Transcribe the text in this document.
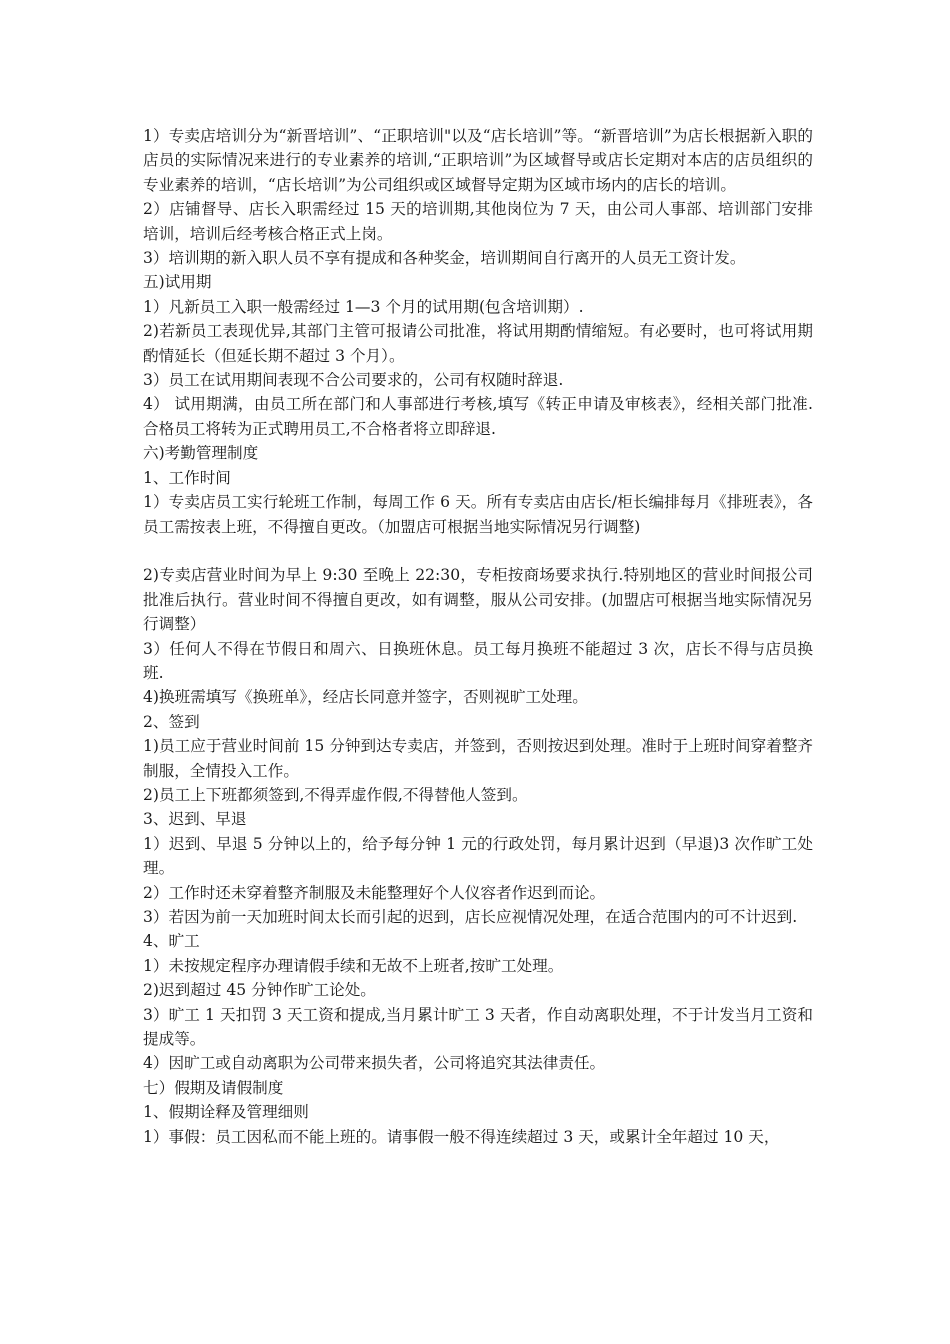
1）专卖店培训分为“新晋培训”、“正职培训"以及“店长培训”等。“新晋培训”为店长根据新入职的店员的实际情况来进行的专业素养的培训,“正职培训”为区域督导或店长定期对本店的店员组织的专业素养的培训，“店长培训”为公司组织或区域督导定期为区域市场内的店长的培训。

2）店铺督导、店长入职需经过 15 天的培训期,其他岗位为 7 天，由公司人事部、培训部门安排培训，培训后经考核合格正式上岗。

3）培训期的新入职人员不享有提成和各种奖金，培训期间自行离开的人员无工资计发。

五)试用期

1）凡新员工入职一般需经过 1—3 个月的试用期(包含培训期）.

2)若新员工表现优异,其部门主管可报请公司批准，将试用期酌情缩短。有必要时，也可将试用期酌情延长（但延长期不超过 3 个月）。

3）员工在试用期间表现不合公司要求的，公司有权随时辞退.

4） 试用期满，由员工所在部门和人事部进行考核,填写《转正申请及审核表》，经相关部门批准.合格员工将转为正式聘用员工,不合格者将立即辞退.

六)考勤管理制度

1、工作时间

1）专卖店员工实行轮班工作制，每周工作 6 天。所有专卖店由店长/柜长编排每月《排班表》，各员工需按表上班，不得擅自更改。（加盟店可根据当地实际情况另行调整)

2)专卖店营业时间为早上 9:30 至晚上 22:30，专柜按商场要求执行.特别地区的营业时间报公司批准后执行。营业时间不得擅自更改，如有调整，服从公司安排。(加盟店可根据当地实际情况另行调整）

3）任何人不得在节假日和周六、日换班休息。员工每月换班不能超过 3 次，店长不得与店员换班.

4)换班需填写《换班单》，经店长同意并签字，否则视旷工处理。

2、签到

1)员工应于营业时间前 15 分钟到达专卖店，并签到，否则按迟到处理。准时于上班时间穿着整齐制服，全情投入工作。

2)员工上下班都须签到,不得弄虚作假,不得替他人签到。

3、迟到、早退

1）迟到、早退 5 分钟以上的，给予每分钟 1 元的行政处罚，每月累计迟到（早退)3 次作旷工处理。

2）工作时还未穿着整齐制服及未能整理好个人仪容者作迟到而论。

3）若因为前一天加班时间太长而引起的迟到，店长应视情况处理，在适合范围内的可不计迟到.

4、旷工

1）未按规定程序办理请假手续和无故不上班者,按旷工处理。

2)迟到超过 45 分钟作旷工论处。

3）旷工 1 天扣罚 3 天工资和提成,当月累计旷工 3 天者，作自动离职处理，不于计发当月工资和提成等。

4）因旷工或自动离职为公司带来损失者，公司将追究其法律责任。

七）假期及请假制度

1、假期诠释及管理细则

1）事假：员工因私而不能上班的。请事假一般不得连续超过 3 天，或累计全年超过 10 天，
